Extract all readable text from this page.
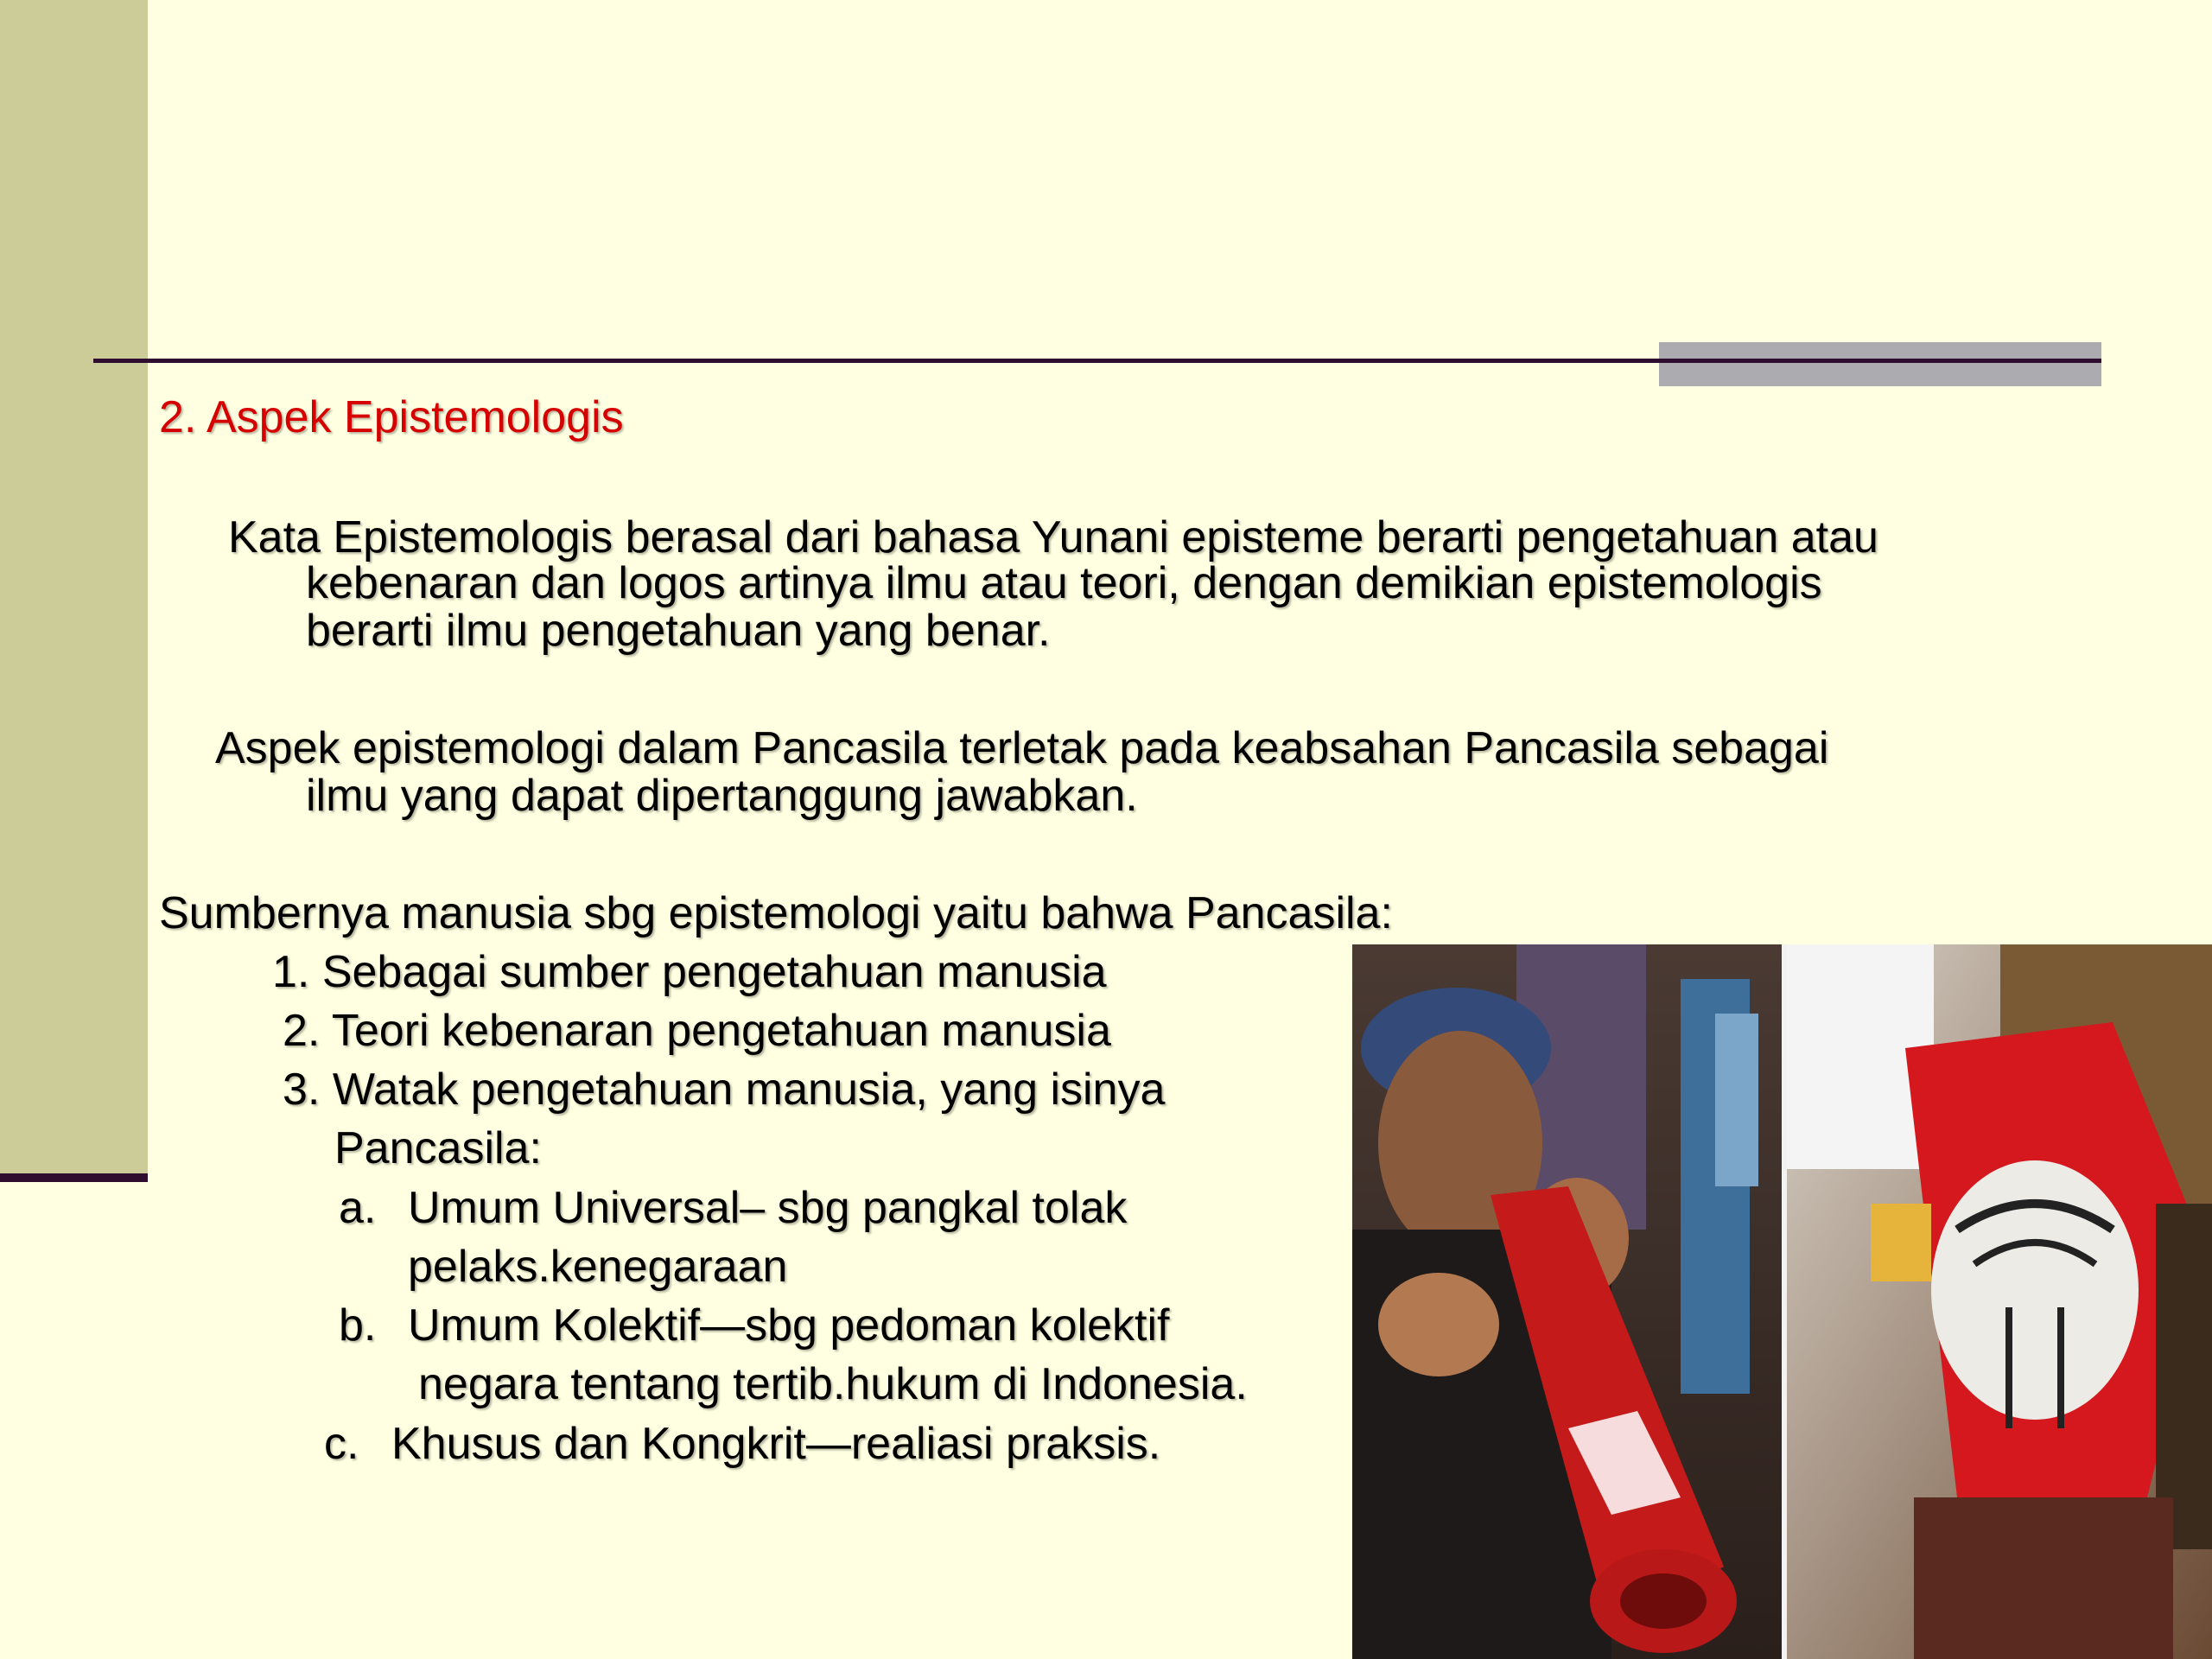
2. Aspek Epistemologis
Kata Epistemologis berasal dari bahasa Yunani episteme berarti pengetahuan atau
kebenaran dan logos artinya ilmu atau teori, dengan demikian epistemologis
berarti ilmu pengetahuan yang benar.
Aspek epistemologi dalam Pancasila terletak pada keabsahan Pancasila sebagai
ilmu yang dapat dipertanggung jawabkan.
Sumbernya manusia sbg epistemologi yaitu bahwa Pancasila:
1. Sebagai sumber pengetahuan manusia
2. Teori kebenaran pengetahuan manusia
3. Watak pengetahuan manusia, yang isinya
Pancasila:
a. Umum Universal– sbg pangkal tolak
pelaks.kenegaraan
b. Umum Kolektif—sbg pedoman kolektif
negara tentang tertib.hukum di Indonesia.
c. Khusus dan Kongkrit—realiasi praksis.
